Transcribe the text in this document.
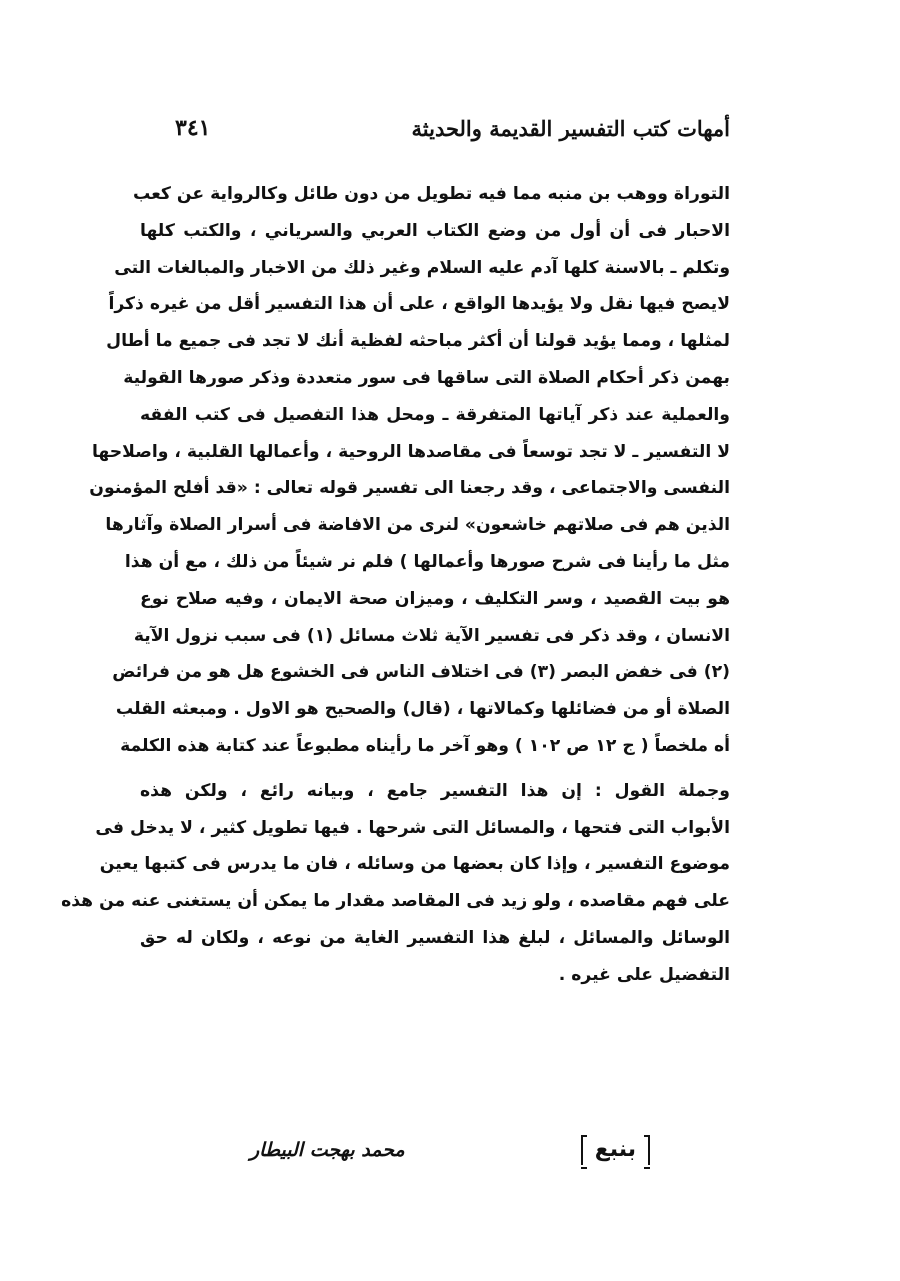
أمهات كتب التفسير القديمة والحديثة
٣٤١
التوراة ووهب بن منبه مما فيه تطويل من دون طائل وكالرواية عن كعب
الاحبار فى أن أول من وضع الكتاب العربي والسرياني ، والكتب كلها
وتكلم ـ بالاسنة كلها آدم عليه السلام وغير ذلك من الاخبار والمبالغات التى
لايصح فيها نقل ولا يؤيدها الواقع ، على أن هذا التفسير أقل من غيره ذكراً
لمثلها ، ومما يؤيد قولنا أن أكثر مباحثه لفظية أنك لا تجد فى جميع ما أطال
بهمن ذكر أحكام الصلاة التى ساقها فى سور متعددة وذكر صورها القولية
والعملية عند ذكر آياتها المتفرقة ـ ومحل هذا التفصيل فى كتب الفقه
لا التفسير ـ لا تجد توسعاً فى مقاصدها الروحية ، وأعمالها القلبية ، واصلاحها
النفسى والاجتماعى ، وقد رجعنا الى تفسير قوله تعالى : «قد أفلح المؤمنون
الذين هم فى صلاتهم خاشعون» لنرى من الافاضة فى أسرار الصلاة وآثارها
مثل ما رأينا فى شرح صورها وأعمالها ) فلم نر شيئاً من ذلك ، مع أن هذا
هو بيت القصيد ، وسر التكليف ، وميزان صحة الايمان ، وفيه صلاح نوع
الانسان ، وقد ذكر فى تفسير الآية ثلاث مسائل (١) فى سبب نزول الآية
(٢) فى خفض البصر (٣) فى اختلاف الناس فى الخشوع هل هو من فرائض
الصلاة أو من فضائلها وكمالاتها ، (قال) والصحيح هو الاول . ومبعثه القلب
أه ملخصاً ( ج ١٢ ص ١٠٢ ) وهو آخر ما رأيناه مطبوعاً عند كتابة هذه الكلمة
وجملة القول : إن هذا التفسير جامع ، وبيانه رائع ، ولكن هذه
الأبواب التى فتحها ، والمسائل التى شرحها . فيها تطويل كثير ، لا يدخل فى
موضوع التفسير ، وإذا كان بعضها من وسائله ، فان ما يدرس فى كتبها يعين
على فهم مقاصده ، ولو زيد فى المقاصد مقدار ما يمكن أن يستغنى عنه من هذه
الوسائل والمسائل ، لبلغ هذا التفسير الغاية من نوعه ، ولكان له حق
التفضيل على غيره .
بنبع
محمد بهجت البيطار
